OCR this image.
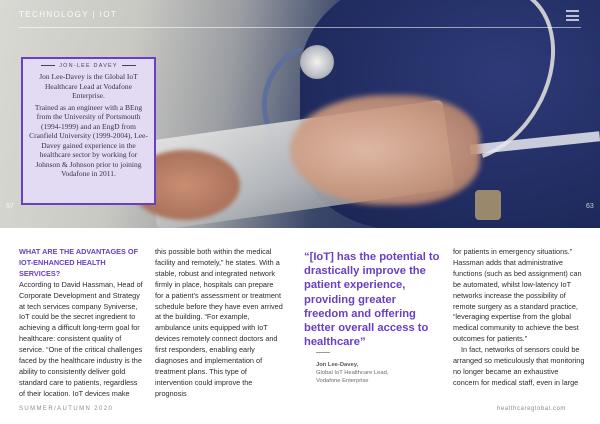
TECHNOLOGY | IOT
JON-LEE DAVEY

Jon Lee-Davey is the Global IoT Healthcare Lead at Vodafone Enterprise.

Trained as an engineer with a BEng from the University of Portsmouth (1994-1999) and an EngD from Cranfield University (1999-2004), Lee-Davey gained experience in the healthcare sector by working for Johnson & Johnson prior to joining Vodafone in 2011.

67	63

WHAT ARE THE ADVANTAGES OF IOT-ENHANCED HEALTH SERVICES?

According to David Hassman, Head of Corporate Development and Strategy at tech services company Syniverse, IoT could be the secret ingredient to achieving a difficult long-term goal for healthcare: consistent quality of service. “One of the critical challenges faced by the healthcare industry is the ability to consistently deliver gold standard care to patients, regardless of their location. IoT devices make

this possible both within the medical facility and remotely,” he states. With a stable, robust and integrated network firmly in place, hospitals can prepare for a patient’s assessment or treatment schedule before they have even arrived at the building. “For example, ambulance units equipped with IoT devices remotely connect doctors and first responders, enabling early diagnoses and implementation of treatment plans. This type of intervention could improve the prognosis

“[IoT] has the potential to drastically improve the patient experience, providing greater freedom and offering better overall access to healthcare”
Jon Lee-Davey,
Global IoT Healthcare Lead,
Vodafone Enterprise

for patients in emergency situations.” Hassman adds that administrative functions (such as bed assignment) can be automated, whilst low-latency IoT networks increase the possibility of remote surgery as a standard practice, “leveraging expertise from the global medical community to achieve the best outcomes for patients.”

In fact, networks of sensors could be arranged so meticulously that monitoring no longer became an exhaustive concern for medical staff, even in large

SUMMER/AUTUMN 2020	healthcareglobal.com
